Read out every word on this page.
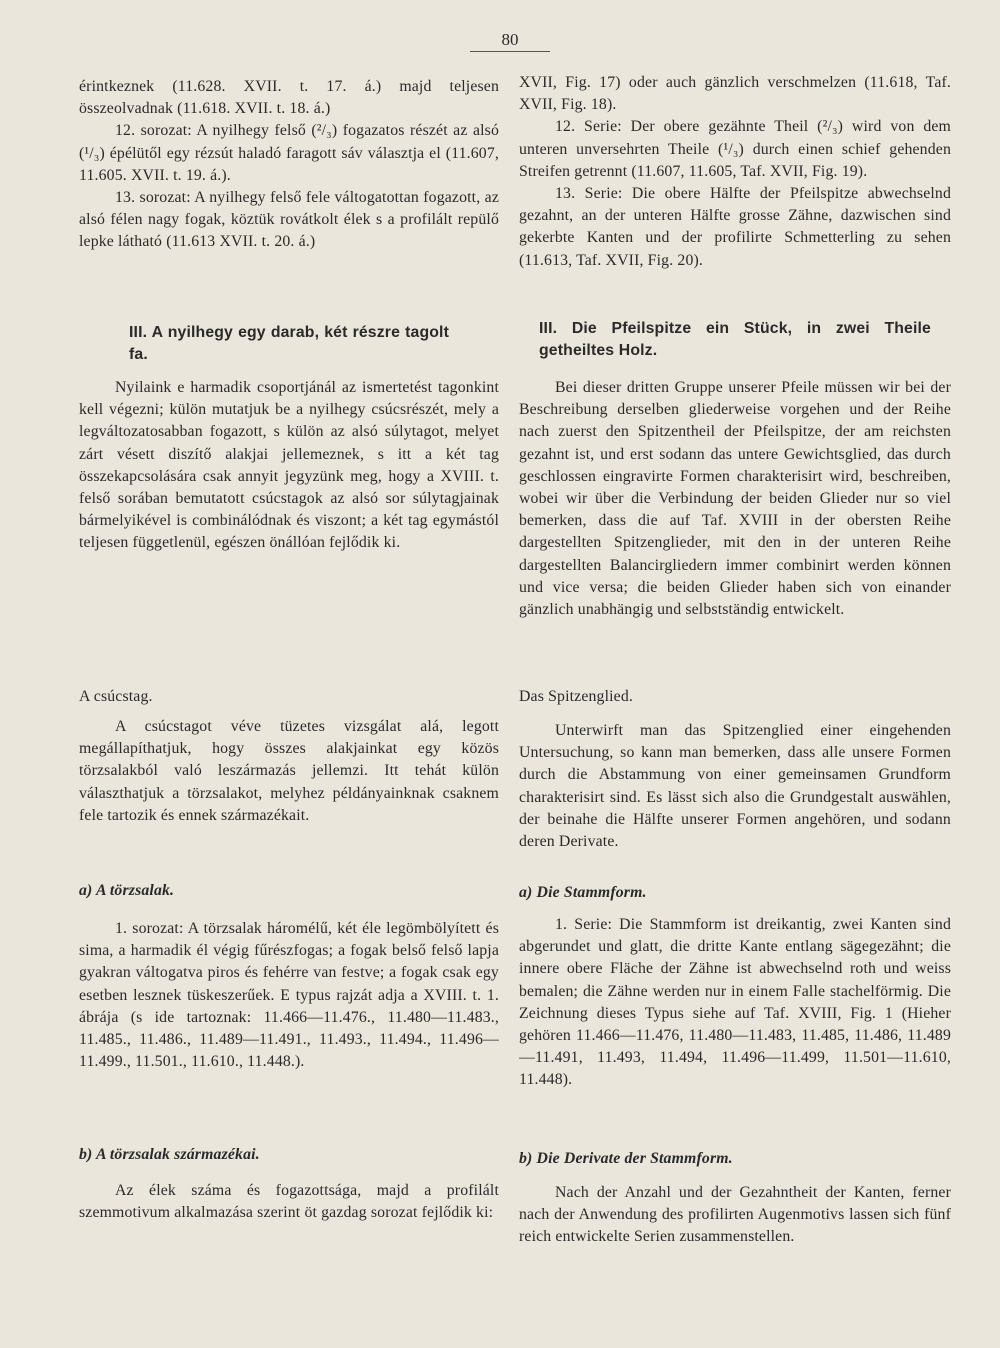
80

érintkeznek (11.628. XVII. t. 17. á.) majd teljesen összeolvadnak (11.618. XVII. t. 18. á.)

12. sorozat: A nyilhegy felső (²/₃) fogazatos részét az alsó (¹/₃) épélütől egy rézsút haladó faragott sáv választja el (11.607, 11.605. XVII. t. 19. á.).

13. sorozat: A nyilhegy felső fele váltogatottan fogazott, az alsó félen nagy fogak, köztük rovátkolt élek s a profilált repülő lepke látható (11.613 XVII. t. 20. á.)

III. A nyilhegy egy darab, két részre tagolt fa.

Nyilaink e harmadik csoportjánál az ismertetést tagonkint kell végezni; külön mutatjuk be a nyilhegy csúcsrészét, mely a legváltozatosabban fogazott, s külön az alsó súlytagot, melyet zárt vésett diszítő alakjai jellemeznek, s itt a két tag összekapcsolására csak annyit jegyzünk meg, hogy a XVIII. t. felső sorában bemutatott csúcstagok az alsó sor súlytagjainak bármelyikével is combinálódnak és viszont; a két tag egymástól teljesen függetlenül, egészen önállóan fejlődik ki.

A csúcstag.

A csúcstagot véve tüzetes vizsgálat alá, legott megállapíthatjuk, hogy összes alakjainkat egy közös törzsalakból való leszármazás jellemzi. Itt tehát külön választhatjuk a törzsalakot, melyhez példányainknak csaknem fele tartozik és ennek származékait.

a) A törzsalak.

1. sorozat: A törzsalak háromélű, két éle legömbölyített és sima, a harmadik él végig fűrészfogas; a fogak belső felső lapja gyakran váltogatva piros és fehérre van festve; a fogak csak egy esetben lesznek tüskeszerűek. E typus rajzát adja a XVIII. t. 1. ábrája (s ide tartoznak: 11.466—11.476., 11.480—11.483., 11.485., 11.486., 11.489—11.491., 11.493., 11.494., 11.496—11.499., 11.501., 11.610., 11.448.).

b) A törzsalak származékai.

Az élek száma és fogazottsága, majd a profilált szemmotivum alkalmazása szerint öt gazdag sorozat fejlődik ki:

XVII, Fig. 17) oder auch gänzlich verschmelzen (11.618, Taf. XVII, Fig. 18).

12. Serie: Der obere gezähnte Theil (²/₃) wird von dem unteren unversehrten Theile (¹/₃) durch einen schief gehenden Streifen getrennt (11.607, 11.605, Taf. XVII, Fig. 19).

13. Serie: Die obere Hälfte der Pfeilspitze abwechselnd gezahnt, an der unteren Hälfte grosse Zähne, dazwischen sind gekerbte Kanten und der profilirte Schmetterling zu sehen (11.613, Taf. XVII, Fig. 20).

III. Die Pfeilspitze ein Stück, in zwei Theile getheiltes Holz.

Bei dieser dritten Gruppe unserer Pfeile müssen wir bei der Beschreibung derselben gliederweise vorgehen und der Reihe nach zuerst den Spitzentheil der Pfeilspitze, der am reichsten gezahnt ist, und erst sodann das untere Gewichtsglied, das durch geschlossen eingravirte Formen charakterisirt wird, beschreiben, wobei wir über die Verbindung der beiden Glieder nur so viel bemerken, dass die auf Taf. XVIII in der obersten Reihe dargestellten Spitzenglieder, mit den in der unteren Reihe dargestellten Balancirgliedern immer combinirt werden können und vice versa; die beiden Glieder haben sich von einander gänzlich unabhängig und selbstständig entwickelt.

Das Spitzenglied.

Unterwirft man das Spitzenglied einer eingehenden Untersuchung, so kann man bemerken, dass alle unsere Formen durch die Abstammung von einer gemeinsamen Grundform charakterisirt sind. Es lässt sich also die Grundgestalt auswählen, der beinahe die Hälfte unserer Formen angehören, und sodann deren Derivate.

a) Die Stammform.

1. Serie: Die Stammform ist dreikantig, zwei Kanten sind abgerundet und glatt, die dritte Kante entlang sägegezähnt; die innere obere Fläche der Zähne ist abwechselnd roth und weiss bemalen; die Zähne werden nur in einem Falle stachelförmig. Die Zeichnung dieses Typus siehe auf Taf. XVIII, Fig. 1 (Hieher gehören 11.466—11.476, 11.480—11.483, 11.485, 11.486, 11.489—11.491, 11.493, 11.494, 11.496—11.499, 11.501—11.610, 11.448).

b) Die Derivate der Stammform.

Nach der Anzahl und der Gezahntheit der Kanten, ferner nach der Anwendung des profilirten Augenmotivs lassen sich fünf reich entwickelte Serien zusammenstellen.
